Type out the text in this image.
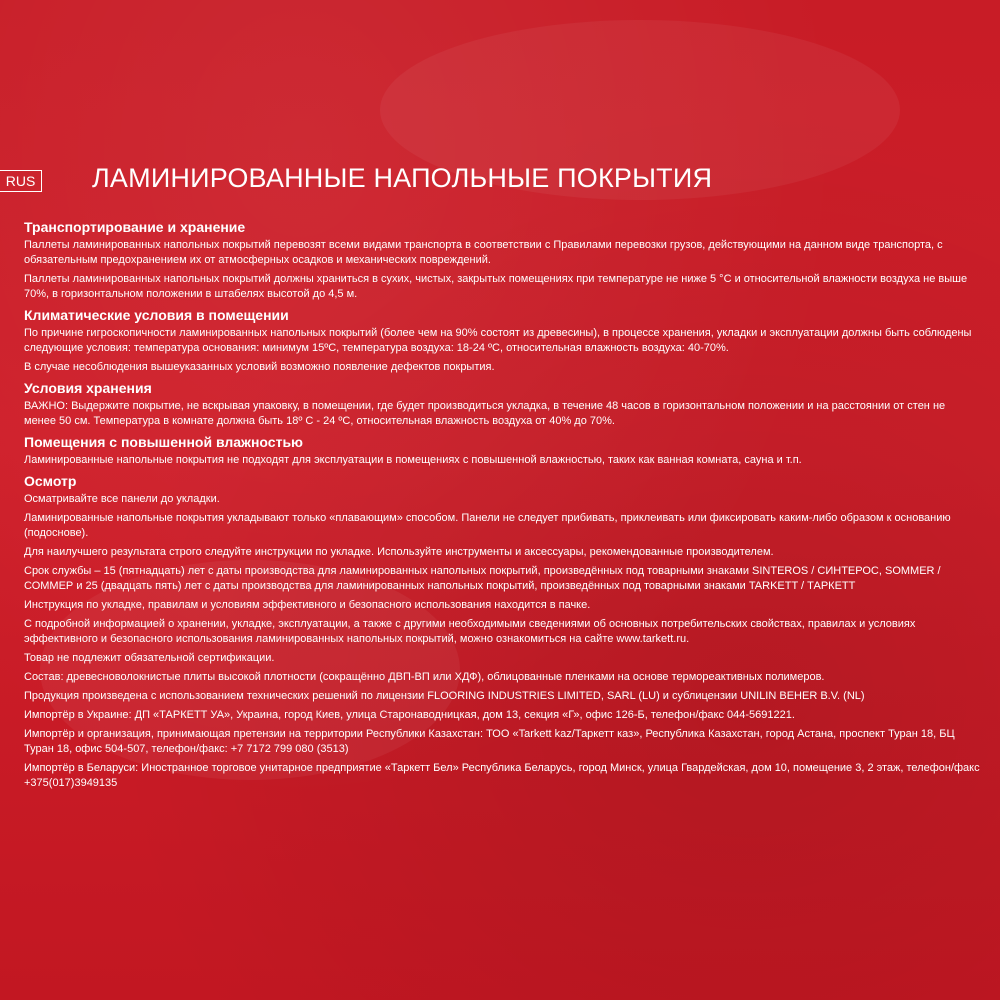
RUS ЛАМИНИРОВАННЫЕ НАПОЛЬНЫЕ ПОКРЫТИЯ
Транспортирование и хранение

Паллеты ламинированных напольных покрытий перевозят всеми видами транспорта в соответствии с Правилами перевозки грузов, действующими на данном виде транспорта, с обязательным предохранением их от атмосферных осадков и механических повреждений.

Паллеты ламинированных напольных покрытий должны храниться в сухих, чистых, закрытых помещениях при температуре не ниже 5 °С и относительной влажности воздуха не выше 70%, в горизонтальном положении в штабелях высотой до 4,5 м.

Климатические условия в помещении

По причине гигроскопичности ламинированных напольных покрытий (более чем на 90% состоят из древесины), в процессе хранения, укладки и эксплуатации должны быть соблюдены следующие условия: температура основания: минимум 15ºС, температура воздуха: 18-24 ºС, относительная влажность воздуха: 40-70%.

В случае несоблюдения вышеуказанных условий возможно появление дефектов покрытия.

Условия хранения

ВАЖНО: Выдержите покрытие, не вскрывая упаковку, в помещении, где будет производиться укладка, в течение 48 часов в горизонтальном положении и на расстоянии от стен не менее 50 см. Температура в комнате должна быть 18º С - 24 ºС, относительная влажность воздуха от 40% до 70%.

Помещения с повышенной влажностью

Ламинированные напольные покрытия не подходят для эксплуатации в помещениях с повышенной влажностью, таких как ванная комната, сауна и т.п.

Осмотр

Осматривайте все панели до укладки.

Ламинированные напольные покрытия укладывают только «плавающим» способом. Панели не следует прибивать, приклеивать или фиксировать каким-либо образом к основанию (подоснове).

Для наилучшего результата строго следуйте инструкции по укладке. Используйте инструменты и аксессуары, рекомендованные производителем.

Срок службы – 15 (пятнадцать) лет с даты производства для ламинированных напольных покрытий, произведённых под товарными знаками SINTEROS / СИНТЕРОС, SOMMER / СОММЕР и 25 (двадцать пять) лет с даты производства для ламинированных напольных покрытий, произведённых под товарными знаками TARKETT / ТАРКЕТТ

Инструкция по укладке, правилам и условиям эффективного и безопасного использования находится в пачке.

С подробной информацией о хранении, укладке, эксплуатации, а также с другими необходимыми сведениями об основных потребительских свойствах, правилах и условиях эффективного и безопасного использования ламинированных напольных покрытий, можно ознакомиться на сайте www.tarkett.ru.

Товар не подлежит обязательной сертификации.

Состав: древесноволокнистые плиты высокой плотности (сокращённо ДВП-ВП или ХДФ), облицованные пленками на основе термореактивных полимеров.

Продукция произведена с использованием технических решений по лицензии FLOORING INDUSTRIES LIMITED, SARL (LU) и сублицензии UNILIN BEHER B.V. (NL)

Импортёр в Украине: ДП «ТАРКЕТТ УА», Украина, город Киев, улица Старонаводницкая, дом 13, секция «Г», офис 126-Б, телефон/факс 044-5691221.

Импортёр и организация, принимающая претензии на территории Республики Казахстан: ТОО «Tarkett kaz/Таркетт каз», Республика Казахстан, город Астана, проспект Туран 18, БЦ Туран 18, офис 504-507, телефон/факс: +7 7172 799 080 (3513)

Импортёр в Беларуси: Иностранное торговое унитарное предприятие «Таркетт Бел» Республика Беларусь, город Минск, улица Гвардейская, дом 10, помещение 3, 2 этаж, телефон/факс +375(017)3949135
